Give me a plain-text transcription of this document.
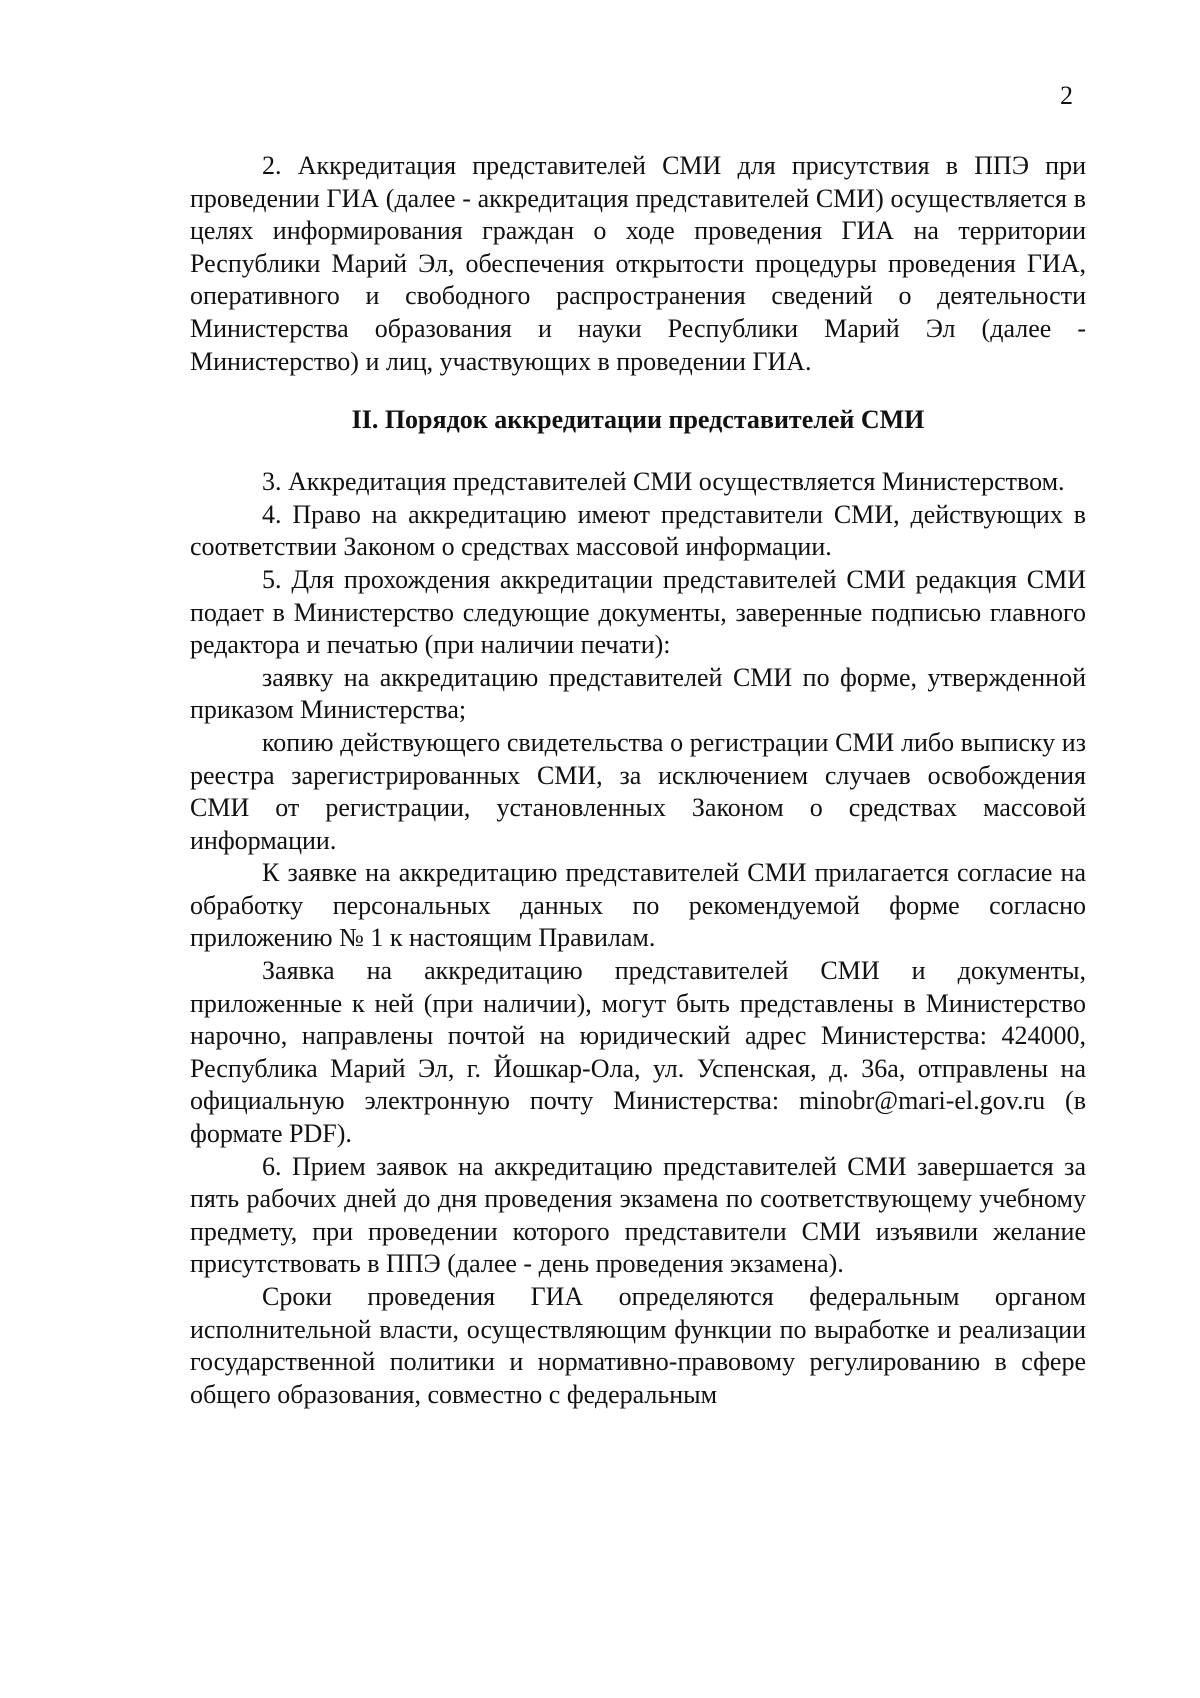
2

2. Аккредитация представителей СМИ для присутствия в ППЭ при проведении ГИА (далее - аккредитация представителей СМИ) осуществляется в целях информирования граждан о ходе проведения ГИА на территории Республики Марий Эл, обеспечения открытости процедуры проведения ГИА, оперативного и свободного распространения сведений о деятельности Министерства образования и науки Республики Марий Эл (далее - Министерство) и лиц, участвующих в проведении ГИА.

II. Порядок аккредитации представителей СМИ

3. Аккредитация представителей СМИ осуществляется Министерством.

4. Право на аккредитацию имеют представители СМИ, действующих в соответствии Законом о средствах массовой информации.

5. Для прохождения аккредитации представителей СМИ редакция СМИ подает в Министерство следующие документы, заверенные подписью главного редактора и печатью (при наличии печати):

заявку на аккредитацию представителей СМИ по форме, утвержденной приказом Министерства;

копию действующего свидетельства о регистрации СМИ либо выписку из реестра зарегистрированных СМИ, за исключением случаев освобождения СМИ от регистрации, установленных Законом о средствах массовой информации.

К заявке на аккредитацию представителей СМИ прилагается согласие на обработку персональных данных по рекомендуемой форме согласно приложению № 1 к настоящим Правилам.

Заявка на аккредитацию представителей СМИ и документы, приложенные к ней (при наличии), могут быть представлены в Министерство нарочно, направлены почтой на юридический адрес Министерства: 424000, Республика Марий Эл, г. Йошкар-Ола, ул. Успенская, д. 36а, отправлены на официальную электронную почту Министерства: minobr@mari-el.gov.ru (в формате PDF).

6. Прием заявок на аккредитацию представителей СМИ завершается за пять рабочих дней до дня проведения экзамена по соответствующему учебному предмету, при проведении которого представители СМИ изъявили желание присутствовать в ППЭ (далее - день проведения экзамена).

Сроки проведения ГИА определяются федеральным органом исполнительной власти, осуществляющим функции по выработке и реализации государственной политики и нормативно-правовому регулированию в сфере общего образования, совместно с федеральным
